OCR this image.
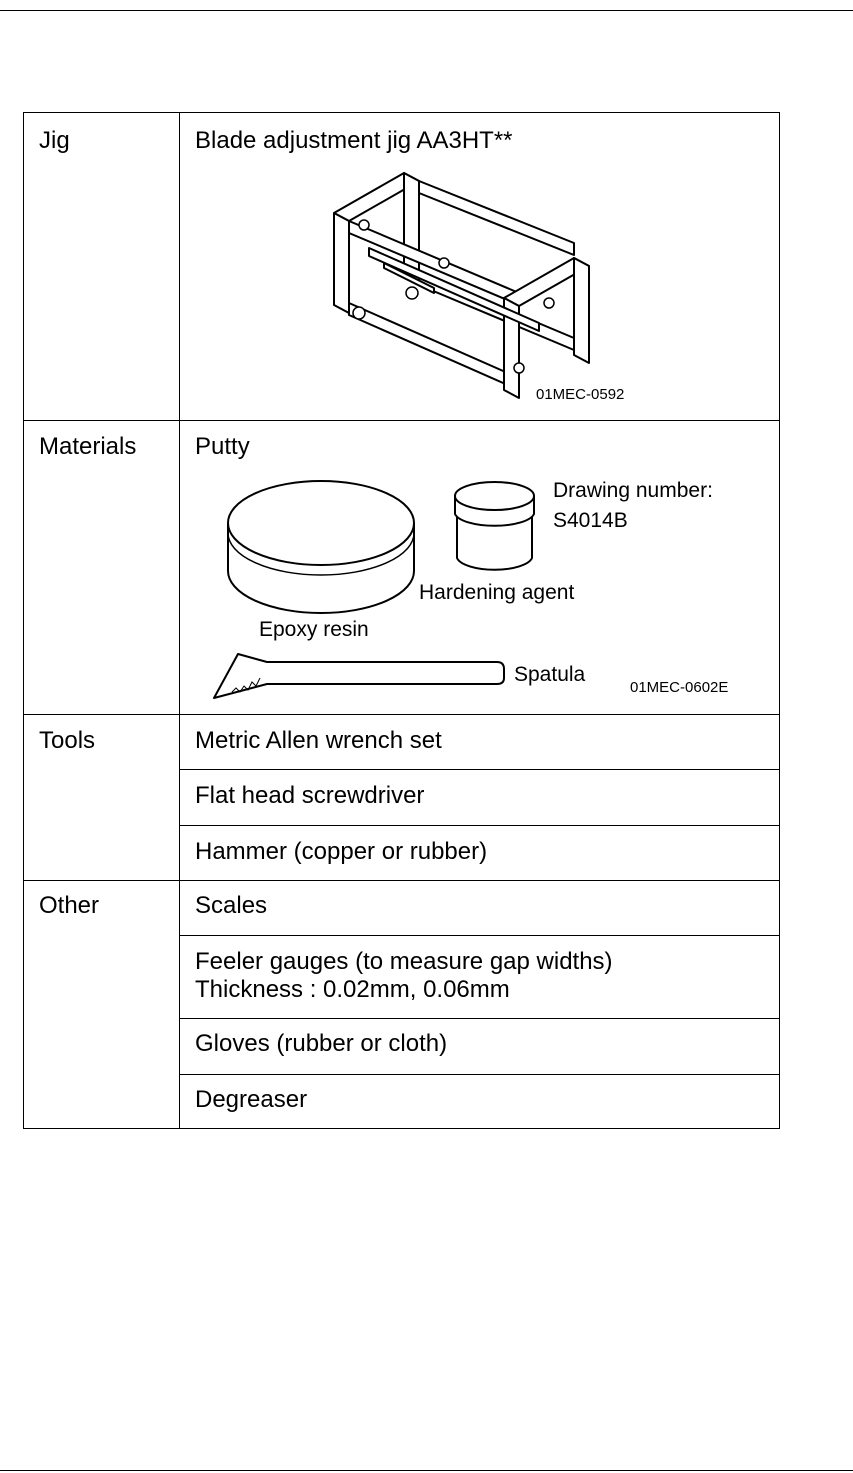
Jig	Blade adjustment jig AA3HT**
01MEC-0592
Materials Putty
Epoxy resin
Hardening agent
Drawing number:
S4014B
Spatula
01MEC-0602E
Tools	Metric Allen wrench set
Flat head screwdriver
Hammer (copper or rubber)
Other	Scales
Feeler gauges (to measure gap widths)
Thickness : 0.02mm, 0.06mm
Gloves (rubber or cloth)
Degreaser
